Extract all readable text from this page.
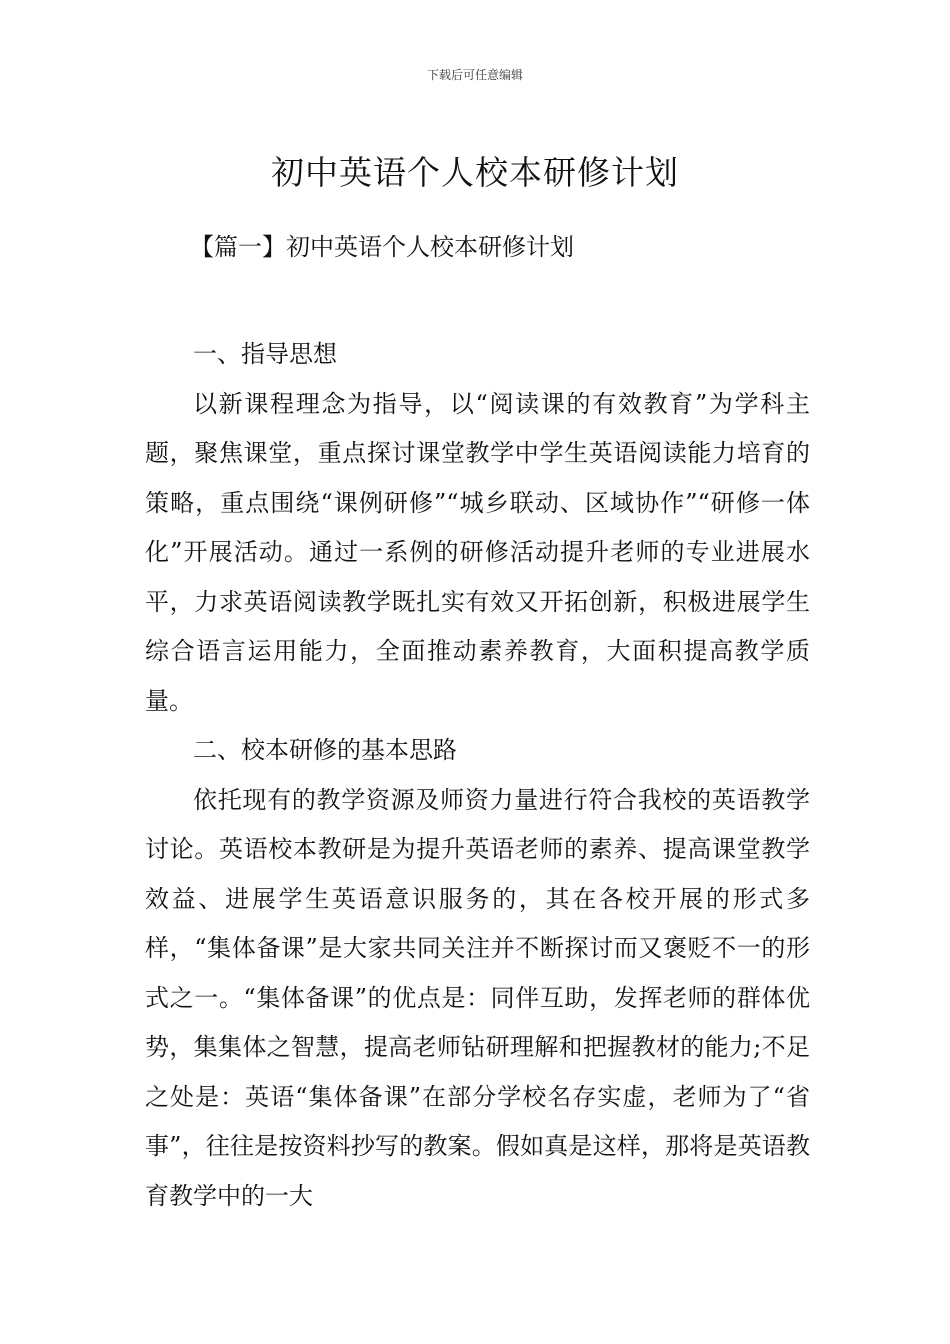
下载后可任意编辑
初中英语个人校本研修计划
【篇一】初中英语个人校本研修计划

一、指导思想

以新课程理念为指导，以“阅读课的有效教育”为学科主题，聚焦课堂，重点探讨课堂教学中学生英语阅读能力培育的策略，重点围绕“课例研修”“城乡联动、区域协作”“研修一体化”开展活动。通过一系例的研修活动提升老师的专业进展水平，力求英语阅读教学既扎实有效又开拓创新，积极进展学生综合语言运用能力，全面推动素养教育，大面积提高教学质量。

二、校本研修的基本思路

依托现有的教学资源及师资力量进行符合我校的英语教学讨论。英语校本教研是为提升英语老师的素养、提高课堂教学效益、进展学生英语意识服务的，其在各校开展的形式多样，“集体备课”是大家共同关注并不断探讨而又褒贬不一的形式之一。“集体备课”的优点是：同伴互助，发挥老师的群体优势，集集体之智慧，提高老师钻研理解和把握教材的能力;不足之处是：英语“集体备课”在部分学校名存实虚，老师为了“省事”，往往是按资料抄写的教案。假如真是这样，那将是英语教育教学中的一大
